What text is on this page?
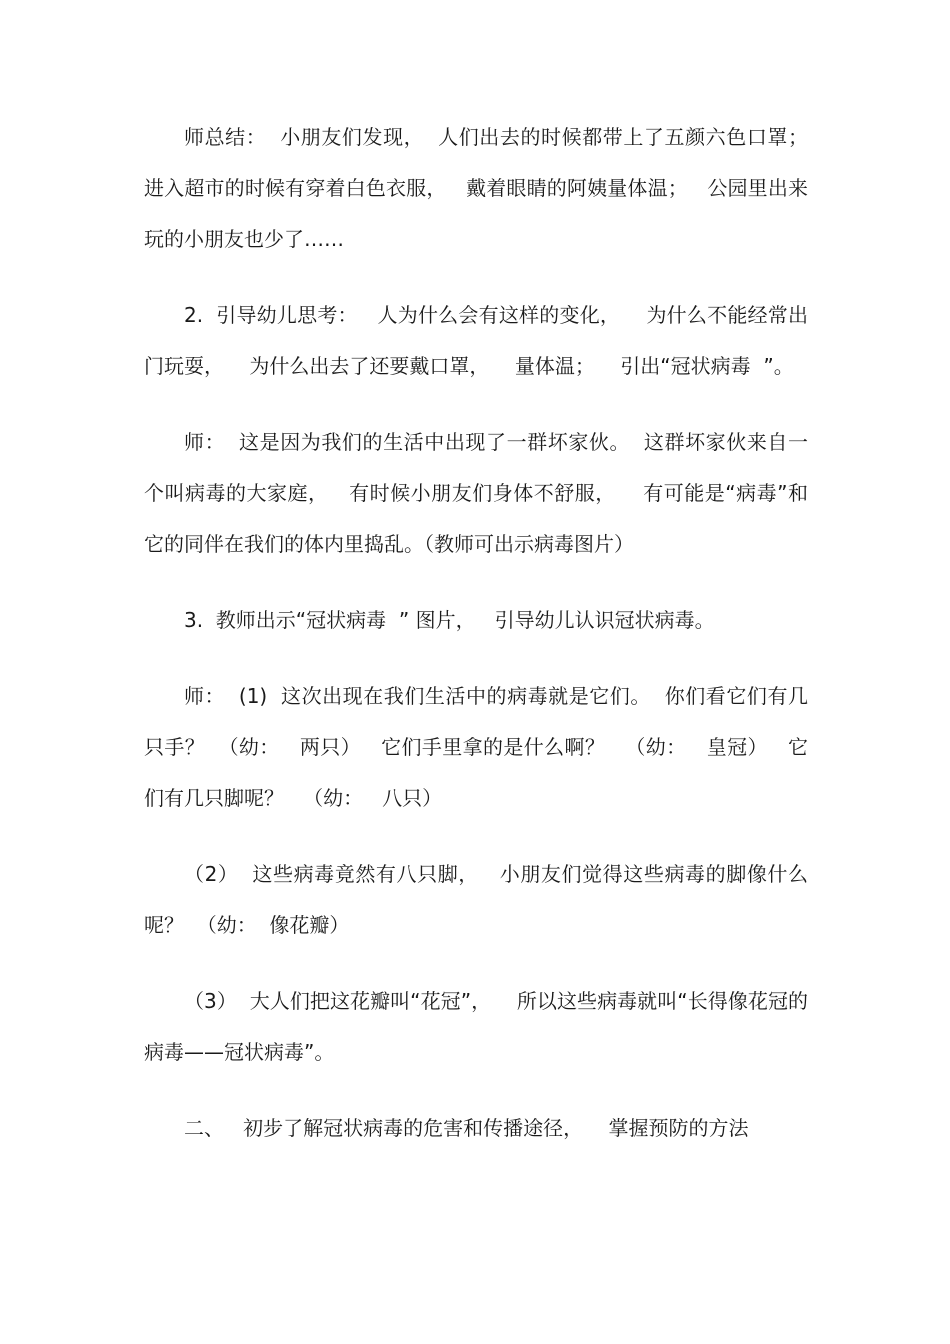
师总结：  小朋友们发现，  人们出去的时候都带上了五颜六色口罩；进入超市的时候有穿着白色衣服，   戴着眼睛的阿姨量体温；   公园里出来玩的小朋友也少了……

2.  引导幼儿思考：   人为什么会有这样的变化，    为什么不能经常出门玩耍，    为什么出去了还要戴口罩，    量体温；    引出“冠状病毒  ”。

师：  这是因为我们的生活中出现了一群坏家伙。  这群坏家伙来自一个叫病毒的大家庭，   有时候小朋友们身体不舒服，    有可能是“病毒”和它的同伴在我们的体内里捣乱。（教师可出示病毒图片）

3.  教师出示“冠状病毒  ” 图片，   引导幼儿认识冠状病毒。

师：  (1)  这次出现在我们生活中的病毒就是它们。  你们看它们有几只手？  （幼：   两只）   它们手里拿的是什么啊？   （幼：   皇冠）   它们有几只脚呢？   （幼：   八只）

（2）  这些病毒竟然有八只脚，   小朋友们觉得这些病毒的脚像什么呢？  （幼：  像花瓣）

（3）  大人们把这花瓣叫“花冠”，    所以这些病毒就叫“长得像花冠的病毒——冠状病毒”。

二、   初步了解冠状病毒的危害和传播途径，    掌握预防的方法
